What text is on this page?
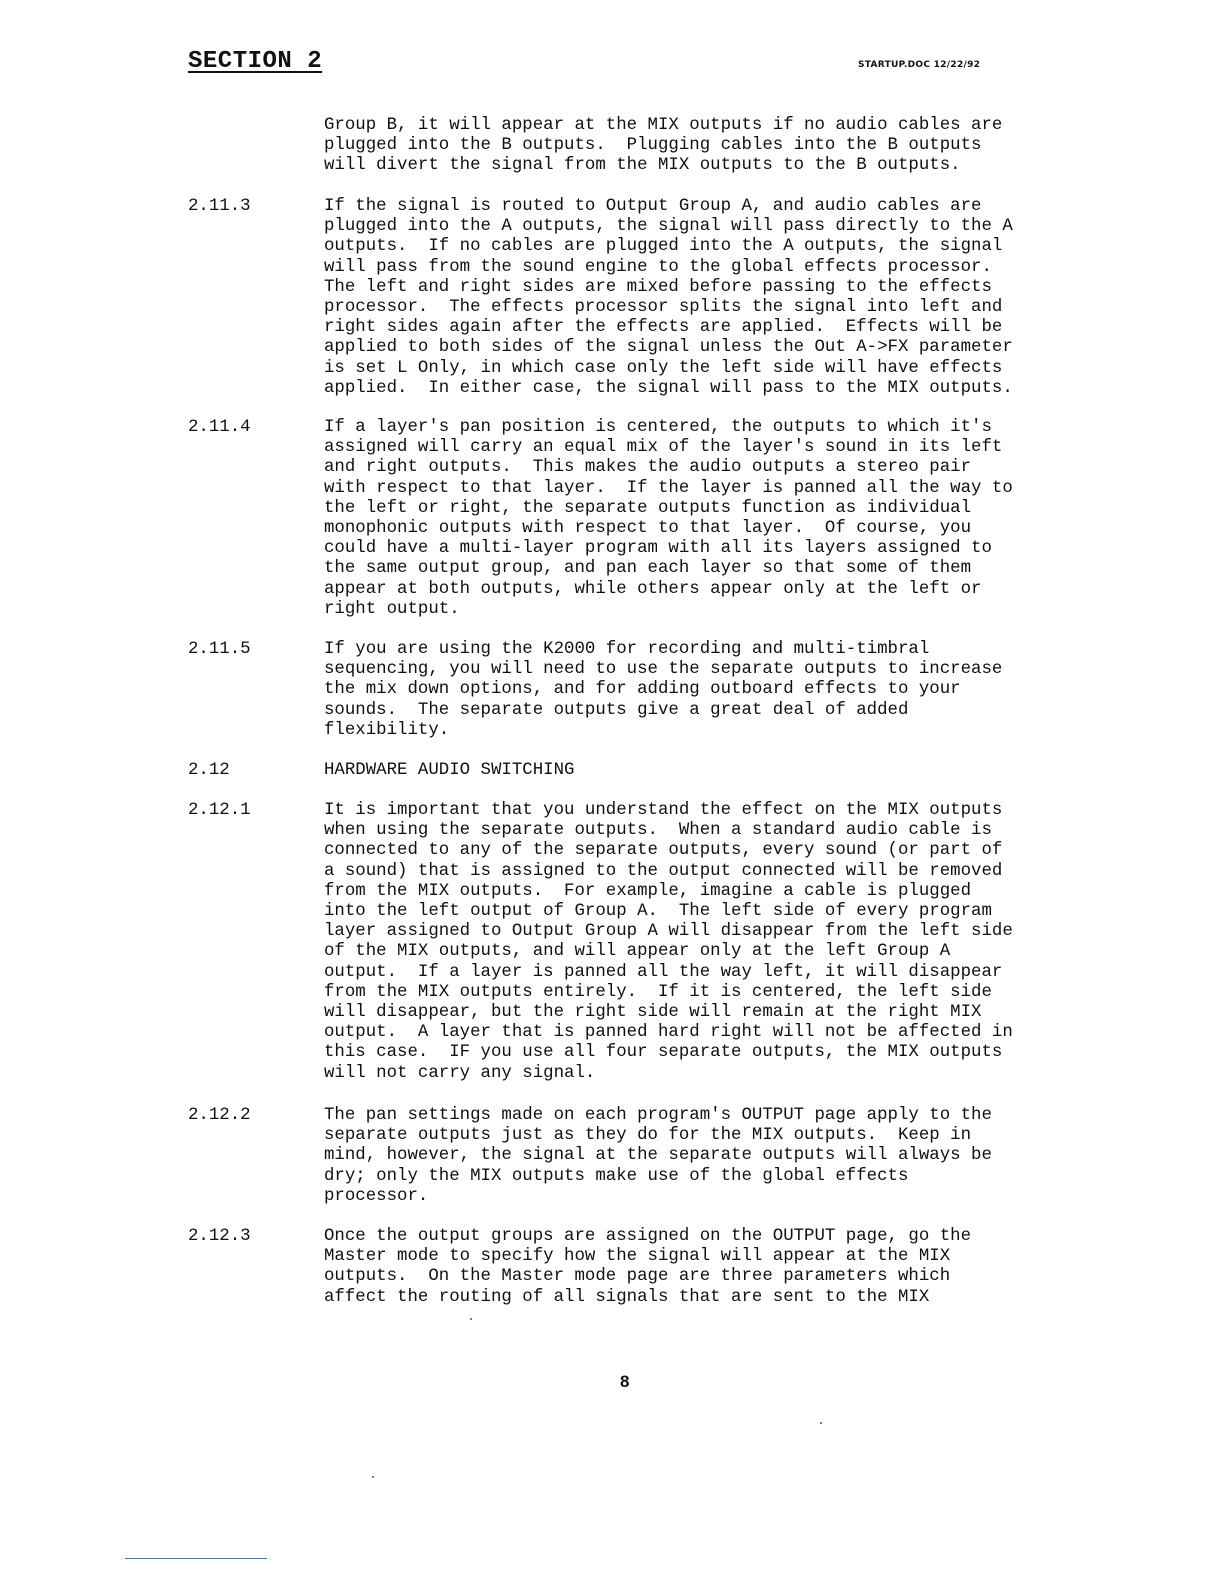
SECTION 2	STARTUP.DOC 12/22/92
Group B, it will appear at the MIX outputs if no audio cables are
plugged into the B outputs.  Plugging cables into the B outputs
will divert the signal from the MIX outputs to the B outputs.
2.11.3	If the signal is routed to Output Group A, and audio cables are
plugged into the A outputs, the signal will pass directly to the A
outputs.  If no cables are plugged into the A outputs, the signal
will pass from the sound engine to the global effects processor.
The left and right sides are mixed before passing to the effects
processor.  The effects processor splits the signal into left and
right sides again after the effects are applied.  Effects will be
applied to both sides of the signal unless the Out A->FX parameter
is set L Only, in which case only the left side will have effects
applied.  In either case, the signal will pass to the MIX outputs.
2.11.4	If a layer's pan position is centered, the outputs to which it's
assigned will carry an equal mix of the layer's sound in its left
and right outputs.  This makes the audio outputs a stereo pair
with respect to that layer.  If the layer is panned all the way to
the left or right, the separate outputs function as individual
monophonic outputs with respect to that layer.  Of course, you
could have a multi-layer program with all its layers assigned to
the same output group, and pan each layer so that some of them
appear at both outputs, while others appear only at the left or
right output.
2.11.5	If you are using the K2000 for recording and multi-timbral
sequencing, you will need to use the separate outputs to increase
the mix down options, and for adding outboard effects to your
sounds.  The separate outputs give a great deal of added
flexibility.
2.12	HARDWARE AUDIO SWITCHING
2.12.1	It is important that you understand the effect on the MIX outputs
when using the separate outputs.  When a standard audio cable is
connected to any of the separate outputs, every sound (or part of
a sound) that is assigned to the output connected will be removed
from the MIX outputs.  For example, imagine a cable is plugged
into the left output of Group A.  The left side of every program
layer assigned to Output Group A will disappear from the left side
of the MIX outputs, and will appear only at the left Group A
output.  If a layer is panned all the way left, it will disappear
from the MIX outputs entirely.  If it is centered, the left side
will disappear, but the right side will remain at the right MIX
output.  A layer that is panned hard right will not be affected in
this case.  IF you use all four separate outputs, the MIX outputs
will not carry any signal.
2.12.2	The pan settings made on each program's OUTPUT page apply to the
separate outputs just as they do for the MIX outputs.  Keep in
mind, however, the signal at the separate outputs will always be
dry; only the MIX outputs make use of the global effects
processor.
2.12.3	Once the output groups are assigned on the OUTPUT page, go the
Master mode to specify how the signal will appear at the MIX
outputs.  On the Master mode page are three parameters which
affect the routing of all signals that are sent to the MIX
8
